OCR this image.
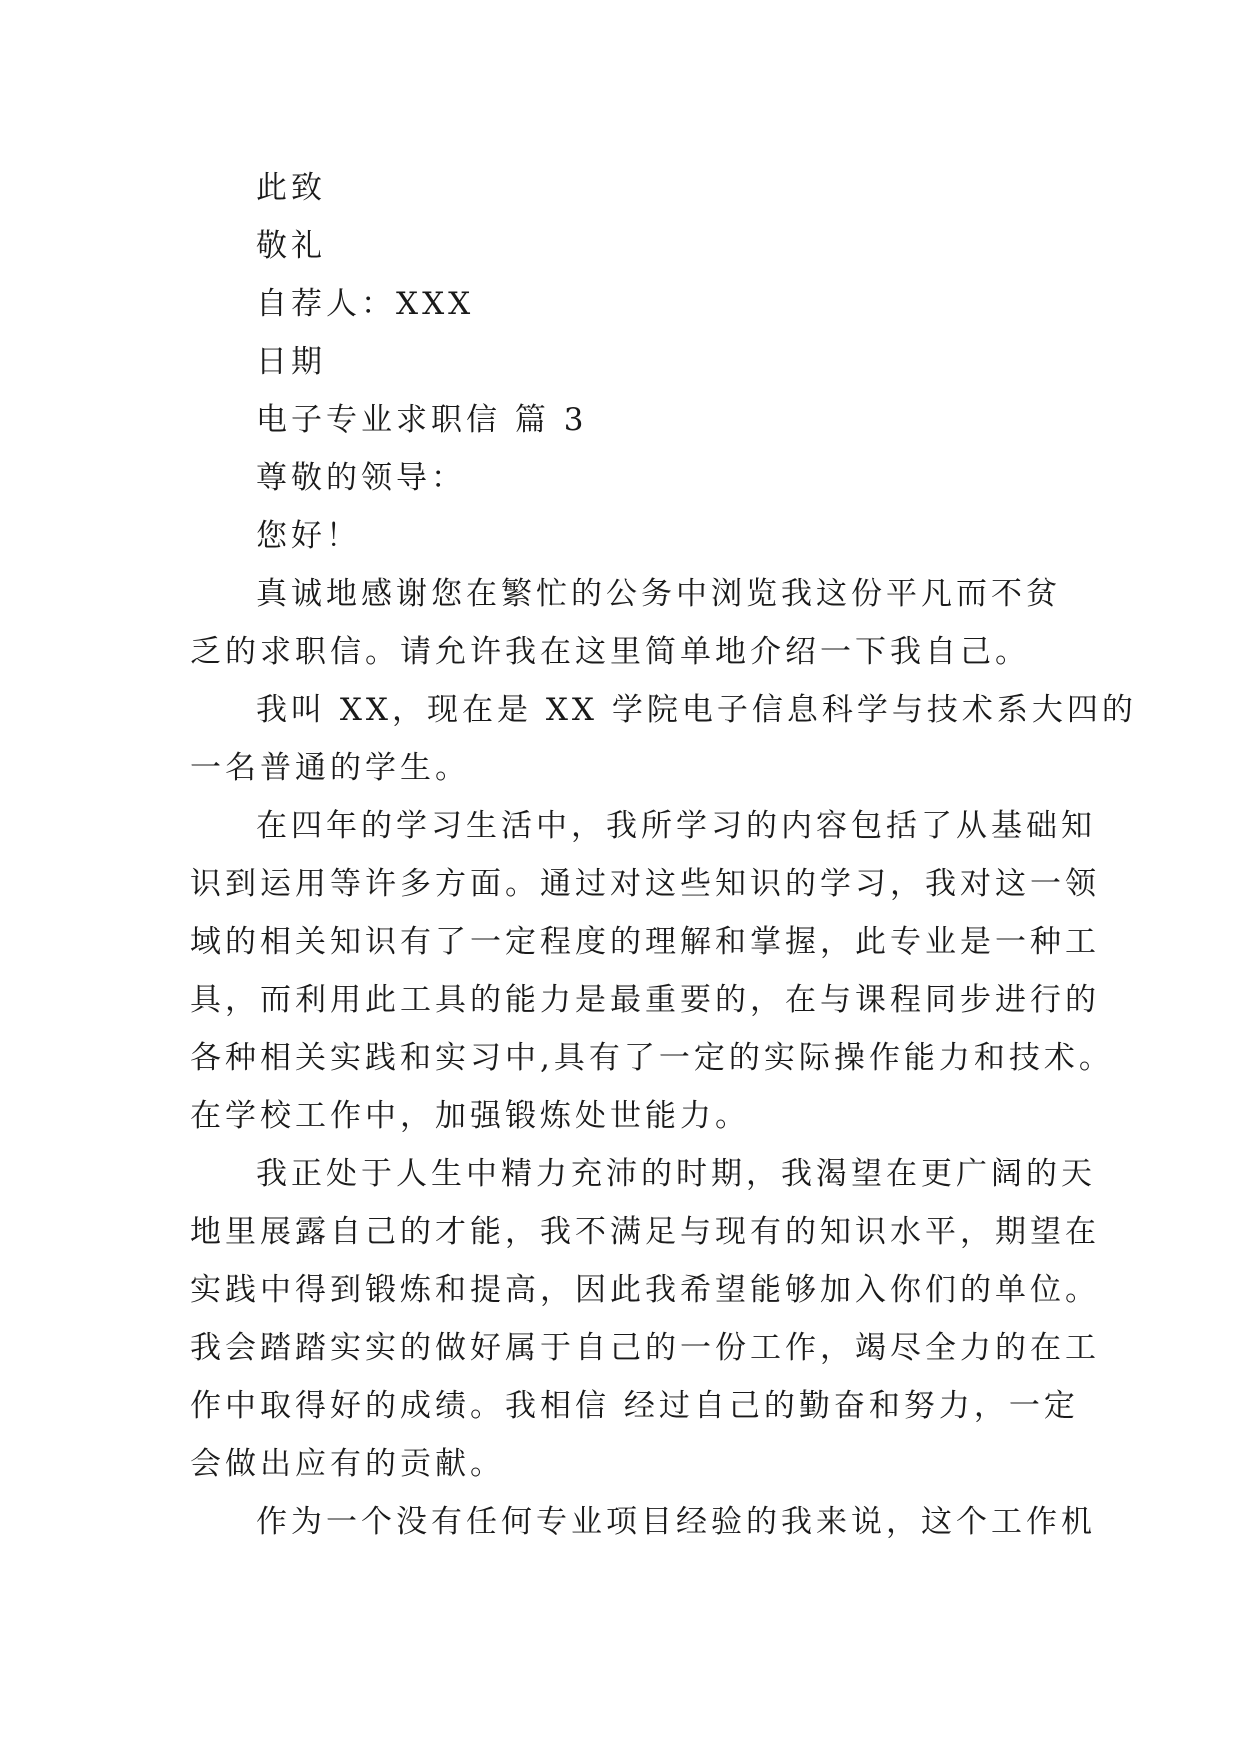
此致
敬礼
自荐人：XXX
日期
电子专业求职信 篇 3
尊敬的领导：
您好！
真诚地感谢您在繁忙的公务中浏览我这份平凡而不贫
乏的求职信。请允许我在这里简单地介绍一下我自己。
我叫 XX，现在是 XX 学院电子信息科学与技术系大四的
一名普通的学生。
在四年的学习生活中，我所学习的内容包括了从基础知
识到运用等许多方面。通过对这些知识的学习，我对这一领
域的相关知识有了一定程度的理解和掌握，此专业是一种工
具，而利用此工具的能力是最重要的，在与课程同步进行的
各种相关实践和实习中,具有了一定的实际操作能力和技术。
在学校工作中，加强锻炼处世能力。
我正处于人生中精力充沛的时期，我渴望在更广阔的天
地里展露自己的才能，我不满足与现有的知识水平，期望在
实践中得到锻炼和提高，因此我希望能够加入你们的单位。
我会踏踏实实的做好属于自己的一份工作，竭尽全力的在工
作中取得好的成绩。我相信 经过自己的勤奋和努力，一定
会做出应有的贡献。
作为一个没有任何专业项目经验的我来说，这个工作机
